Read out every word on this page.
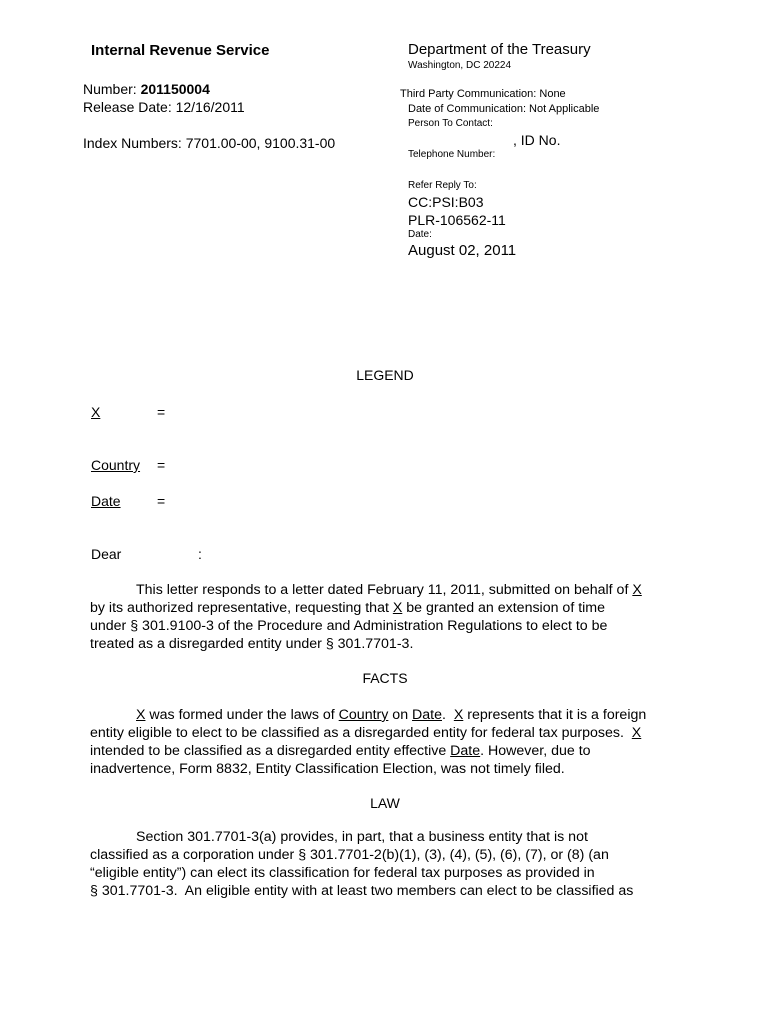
Internal Revenue Service
Number: 201150004
Release Date: 12/16/2011
Index Numbers: 7701.00-00, 9100.31-00
Department of the Treasury
Washington, DC 20224
Third Party Communication: None
Date of Communication: Not Applicable
Person To Contact:
, ID No.
Telephone Number:
Refer Reply To:
CC:PSI:B03
PLR-106562-11
Date:
August 02, 2011
LEGEND
X	=
Country =
Date	=
Dear	:
This letter responds to a letter dated February 11, 2011, submitted on behalf of X
by its authorized representative, requesting that X be granted an extension of time
under § 301.9100-3 of the Procedure and Administration Regulations to elect to be
treated as a disregarded entity under § 301.7701-3.
FACTS
X was formed under the laws of Country on Date.  X represents that it is a foreign
entity eligible to elect to be classified as a disregarded entity for federal tax purposes.  X
intended to be classified as a disregarded entity effective Date. However, due to
inadvertence, Form 8832, Entity Classification Election, was not timely filed.
LAW
Section 301.7701-3(a) provides, in part, that a business entity that is not
classified as a corporation under § 301.7701-2(b)(1), (3), (4), (5), (6), (7), or (8) (an
“eligible entity”) can elect its classification for federal tax purposes as provided in
§ 301.7701-3.  An eligible entity with at least two members can elect to be classified as
